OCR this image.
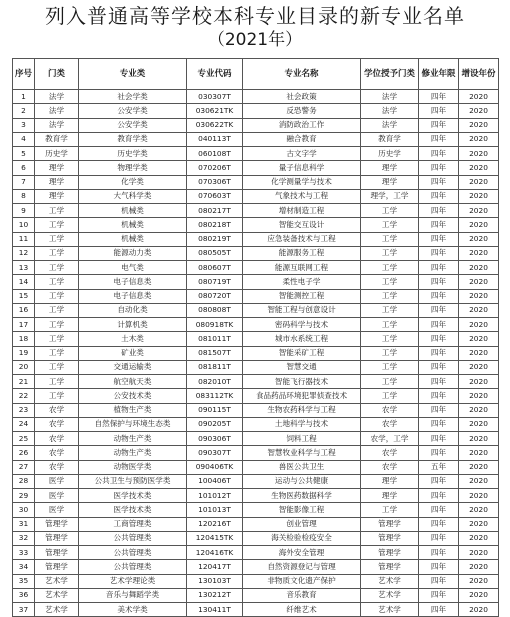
列入普通高等学校本科专业目录的新专业名单
（2021年）
序号	门类	专业类	专业代码	专业名称	学位授予门类	修业年限	增设年份
1	法学	社会学类	030307T	社会政策	法学	四年	2020
2	法学	公安学类	030621TK	反恐警务	法学	四年	2020
3	法学	公安学类	030622TK	消防政治工作	法学	四年	2020
4	教育学	教育学类	040113T	融合教育	教育学	四年	2020
5	历史学	历史学类	060108T	古文字学	历史学	四年	2020
6	理学	物理学类	070206T	量子信息科学	理学	四年	2020
7	理学	化学类	070306T	化学测量学与技术	理学	四年	2020
8	理学	大气科学类	070603T	气象技术与工程	理学，工学	四年	2020
9	工学	机械类	080217T	增材制造工程	工学	四年	2020
10	工学	机械类	080218T	智能交互设计	工学	四年	2020
11	工学	机械类	080219T	应急装备技术与工程	工学	四年	2020
12	工学	能源动力类	080505T	能源服务工程	工学	四年	2020
13	工学	电气类	080607T	能源互联网工程	工学	四年	2020
14	工学	电子信息类	080719T	柔性电子学	工学	四年	2020
15	工学	电子信息类	080720T	智能测控工程	工学	四年	2020
16	工学	自动化类	080808T	智能工程与创意设计	工学	四年	2020
17	工学	计算机类	080918TK	密码科学与技术	工学	四年	2020
18	工学	土木类	081011T	城市水系统工程	工学	四年	2020
19	工学	矿业类	081507T	智能采矿工程	工学	四年	2020
20	工学	交通运输类	081811T	智慧交通	工学	四年	2020
21	工学	航空航天类	082010T	智能飞行器技术	工学	四年	2020
22	工学	公安技术类	083112TK	食品药品环境犯罪侦查技术	工学	四年	2020
23	农学	植物生产类	090115T	生物农药科学与工程	农学	四年	2020
24	农学	自然保护与环境生态类	090205T	土地科学与技术	农学	四年	2020
25	农学	动物生产类	090306T	饲料工程	农学，工学	四年	2020
26	农学	动物生产类	090307T	智慧牧业科学与工程	农学	四年	2020
27	农学	动物医学类	090406TK	兽医公共卫生	农学	五年	2020
28	医学	公共卫生与预防医学类	100406T	运动与公共健康	理学	四年	2020
29	医学	医学技术类	101012T	生物医药数据科学	理学	四年	2020
30	医学	医学技术类	101013T	智能影像工程	工学	四年	2020
31	管理学	工商管理类	120216T	创业管理	管理学	四年	2020
32	管理学	公共管理类	120415TK	海关检验检疫安全	管理学	四年	2020
33	管理学	公共管理类	120416TK	海外安全管理	管理学	四年	2020
34	管理学	公共管理类	120417T	自然资源登记与管理	管理学	四年	2020
35	艺术学	艺术学理论类	130103T	非物质文化遗产保护	艺术学	四年	2020
36	艺术学	音乐与舞蹈学类	130212T	音乐教育	艺术学	四年	2020
37	艺术学	美术学类	130411T	纤维艺术	艺术学	四年	2020
